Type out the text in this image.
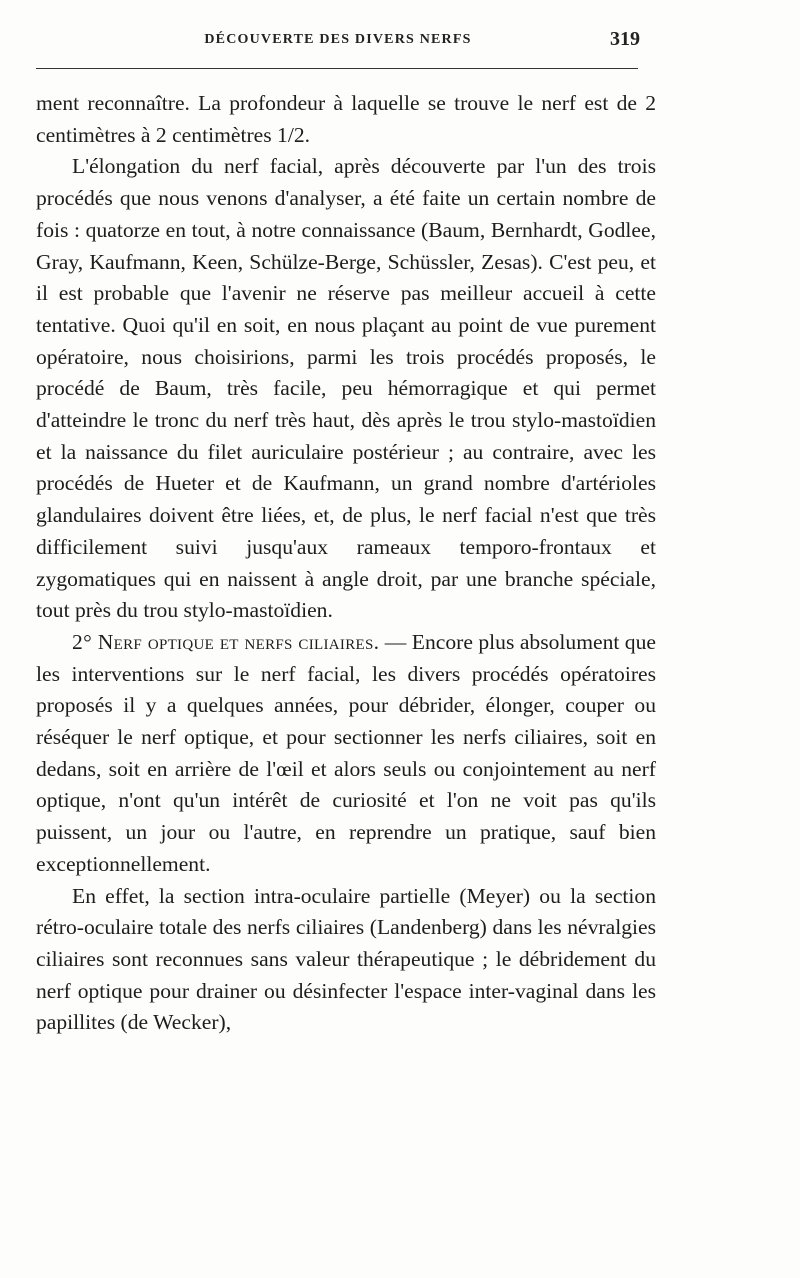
DÉCOUVERTE DES DIVERS NERFS	319

ment reconnaître. La profondeur à laquelle se trouve le nerf est de 2 centimètres à 2 centimètres 1/2.

L'élongation du nerf facial, après découverte par l'un des trois procédés que nous venons d'analyser, a été faite un certain nombre de fois : quatorze en tout, à notre connaissance (Baum, Bernhardt, Godlee, Gray, Kaufmann, Keen, Schülze-Berge, Schüssler, Zesas). C'est peu, et il est probable que l'avenir ne réserve pas meilleur accueil à cette tentative. Quoi qu'il en soit, en nous plaçant au point de vue purement opératoire, nous choisirions, parmi les trois procédés proposés, le procédé de Baum, très facile, peu hémorragique et qui permet d'atteindre le tronc du nerf très haut, dès après le trou stylo-mastoïdien et la naissance du filet auriculaire postérieur ; au contraire, avec les procédés de Hueter et de Kaufmann, un grand nombre d'artérioles glandulaires doivent être liées, et, de plus, le nerf facial n'est que très difficilement suivi jusqu'aux rameaux temporo-frontaux et zygomatiques qui en naissent à angle droit, par une branche spéciale, tout près du trou stylo-mastoïdien.

2° Nerf optique et nerfs ciliaires. — Encore plus absolument que les interventions sur le nerf facial, les divers procédés opératoires proposés il y a quelques années, pour débrider, élonger, couper ou réséquer le nerf optique, et pour sectionner les nerfs ciliaires, soit en dedans, soit en arrière de l'œil et alors seuls ou conjointement au nerf optique, n'ont qu'un intérêt de curiosité et l'on ne voit pas qu'ils puissent, un jour ou l'autre, en reprendre un pratique, sauf bien exceptionnellement.

En effet, la section intra-oculaire partielle (Meyer) ou la section rétro-oculaire totale des nerfs ciliaires (Landenberg) dans les névralgies ciliaires sont reconnues sans valeur thérapeutique ; le débridement du nerf optique pour drainer ou désinfecter l'espace inter-vaginal dans les papillites (de Wecker),
